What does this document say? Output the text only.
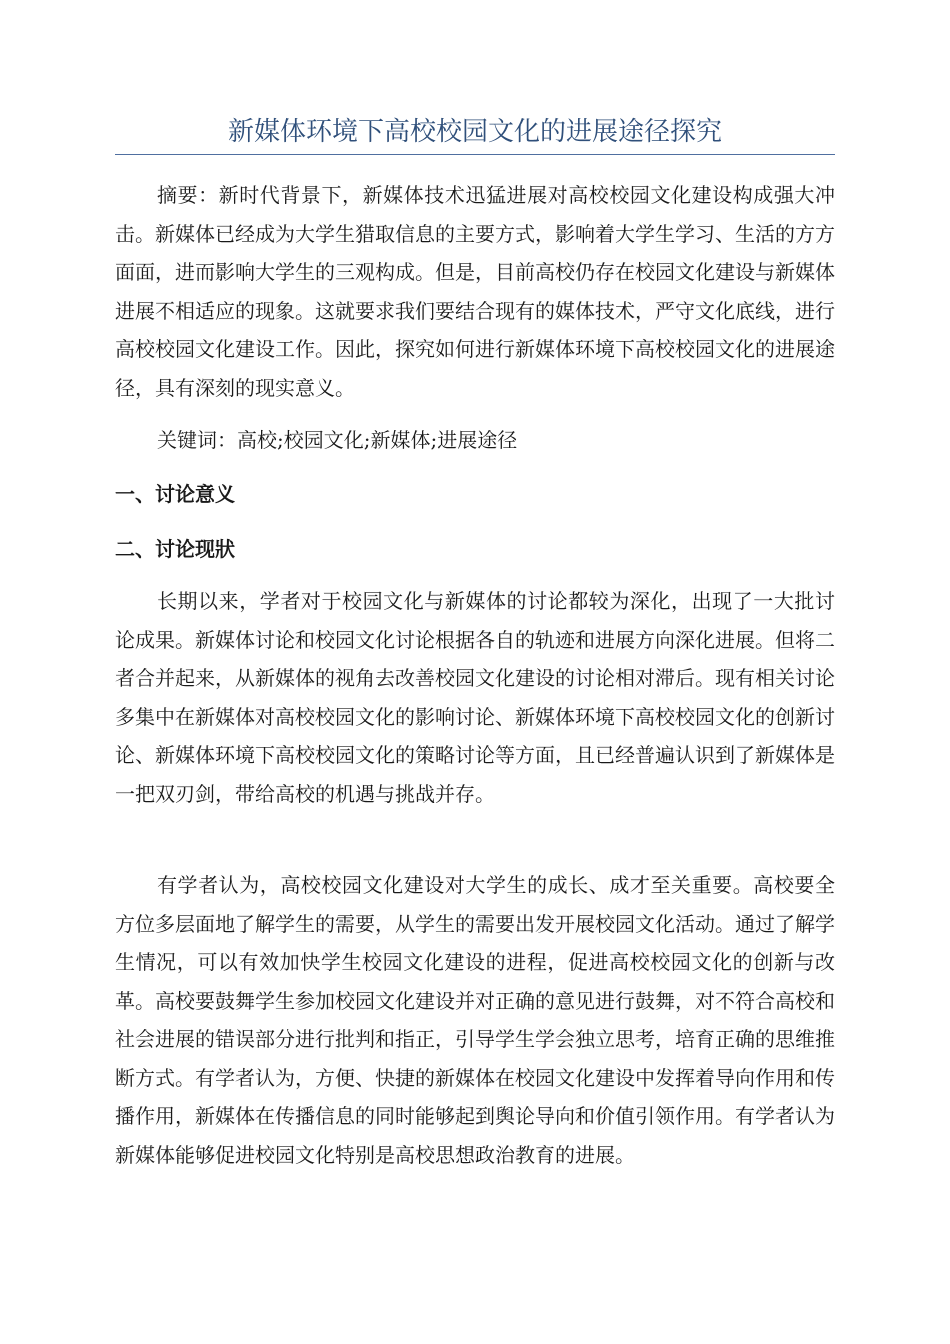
新媒体环境下高校校园文化的进展途径探究

摘要：新时代背景下，新媒体技术迅猛进展对高校校园文化建设构成强大冲击。新媒体已经成为大学生猎取信息的主要方式，影响着大学生学习、生活的方方面面，进而影响大学生的三观构成。但是，目前高校仍存在校园文化建设与新媒体进展不相适应的现象。这就要求我们要结合现有的媒体技术，严守文化底线，进行高校校园文化建设工作。因此，探究如何进行新媒体环境下高校校园文化的进展途径，具有深刻的现实意义。

关键词：高校;校园文化;新媒体;进展途径

一、讨论意义
二、讨论现狀

长期以来，学者对于校园文化与新媒体的讨论都较为深化，出现了一大批讨论成果。新媒体讨论和校园文化讨论根据各自的轨迹和进展方向深化进展。但将二者合并起来，从新媒体的视角去改善校园文化建设的讨论相对滞后。现有相关讨论多集中在新媒体对高校校园文化的影响讨论、新媒体环境下高校校园文化的创新讨论、新媒体环境下高校校园文化的策略讨论等方面，且已经普遍认识到了新媒体是一把双刃剑，带给高校的机遇与挑战并存。

有学者认为，高校校园文化建设对大学生的成长、成才至关重要。高校要全方位多层面地了解学生的需要，从学生的需要出发开展校园文化活动。通过了解学生情况，可以有效加快学生校园文化建设的进程，促进高校校园文化的创新与改革。高校要鼓舞学生参加校园文化建设并对正确的意见进行鼓舞，对不符合高校和社会进展的错误部分进行批判和指正，引导学生学会独立思考，培育正确的思维推断方式。有学者认为，方便、快捷的新媒体在校园文化建设中发挥着导向作用和传播作用，新媒体在传播信息的同时能够起到舆论导向和价值引领作用。有学者认为新媒体能够促进校园文化特别是高校思想政治教育的进展。
